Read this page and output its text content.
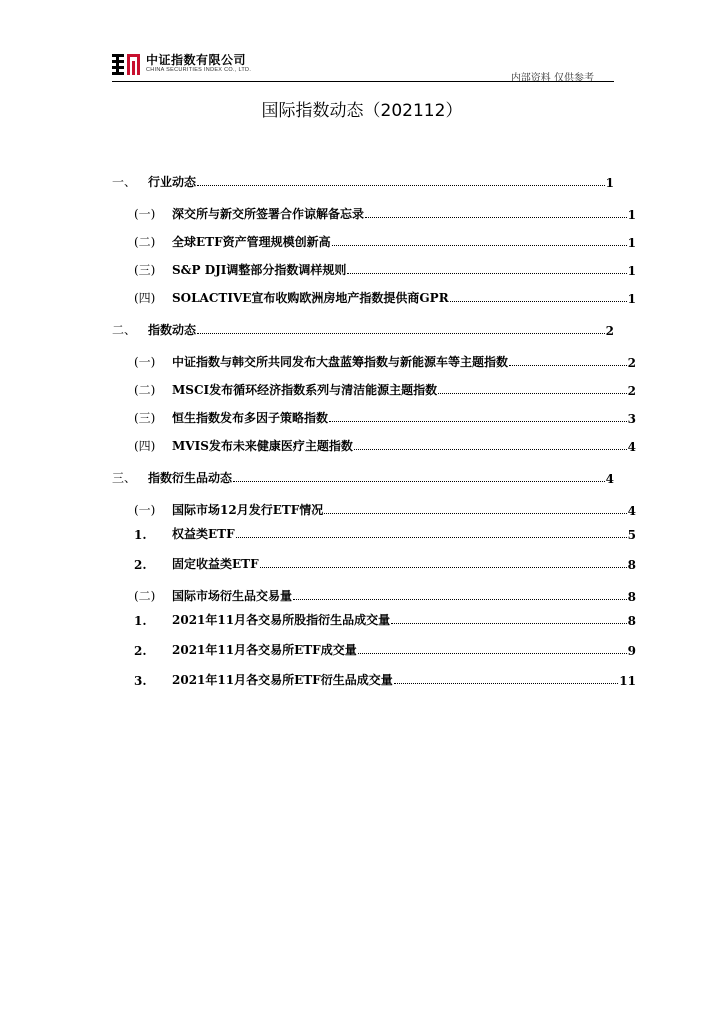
中证指数有限公司
CHINA SECURITIES INDEX CO., LTD.
内部资料 仅供参考
国际指数动态（202112）
一、 行业动态	1
(一)	深交所与新交所签署合作谅解备忘录	1
(二)	全球ETF资产管理规模创新高	1
(三)	S&P DJI调整部分指数调样规则	1
(四)	SOLACTIVE宣布收购欧洲房地产指数提供商GPR	1
二、 指数动态	2
(一)	中证指数与韩交所共同发布大盘蓝筹指数与新能源车等主题指数	2
(二)	MSCI发布循环经济指数系列与清洁能源主题指数	2
(三)	恒生指数发布多因子策略指数	3
(四)	MVIS发布未来健康医疗主题指数	4
三、 指数衍生品动态	4
(一)	国际市场12月发行ETF情况	4
1.	权益类ETF	5
2.	固定收益类ETF	8
(二)	国际市场衍生品交易量	8
1.	2021年11月各交易所股指衍生品成交量	8
2.	2021年11月各交易所ETF成交量	9
3.	2021年11月各交易所ETF衍生品成交量	11
